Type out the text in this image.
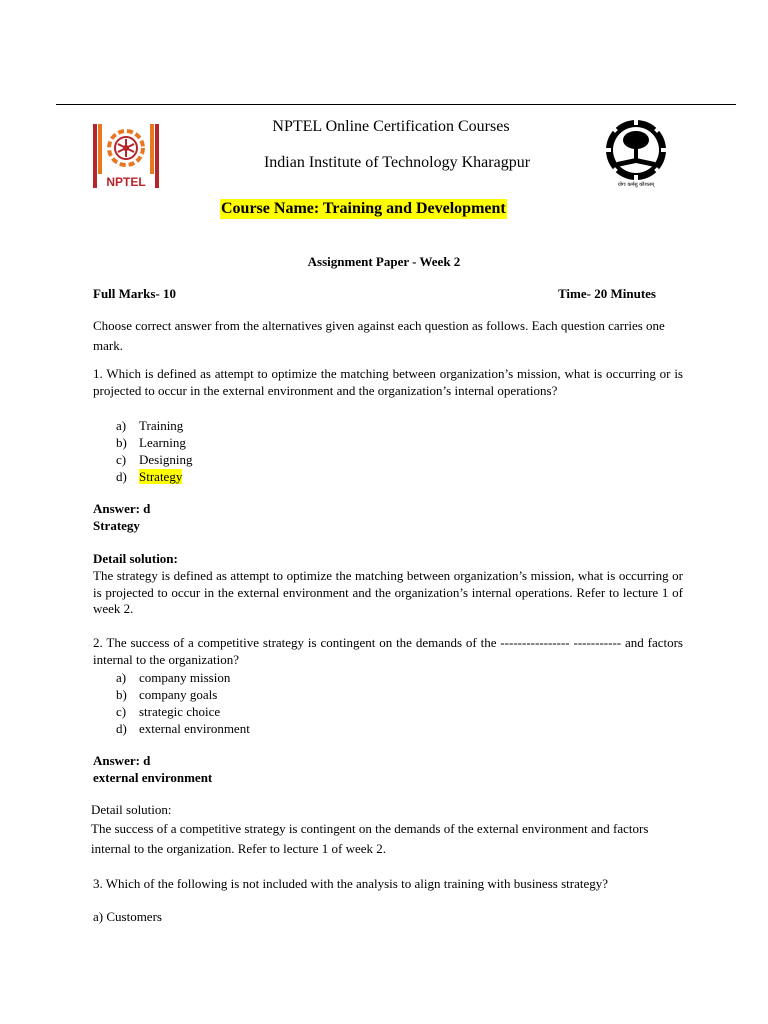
NPTEL
NPTEL Online Certification Courses
Indian Institute of Technology Kharagpur
योगः कर्मसु कौशलम्
Course Name: Training and Development
Assignment Paper - Week 2
Full Marks- 10	Time- 20 Minutes
Choose correct answer from the alternatives given against each question as follows. Each question carries one mark.
1. Which is defined as attempt to optimize the matching between organization’s mission, what is occurring or is projected to occur in the external environment and the organization’s internal operations?
a) Training
b) Learning
c) Designing
d) Strategy
Answer: d
Strategy
Detail solution:
The strategy is defined as attempt to optimize the matching between organization’s mission, what is occurring or is projected to occur in the external environment and the organization’s internal operations. Refer to lecture 1 of week 2.
2. The success of a competitive strategy is contingent on the demands of the ---------------- ----------- and factors internal to the organization?
a) company mission
b) company goals
c) strategic choice
d) external environment
Answer: d
external environment
Detail solution:
The success of a competitive strategy is contingent on the demands of the external environment and factors internal to the organization. Refer to lecture 1 of week 2.
3. Which of the following is not included with the analysis to align training with business strategy?
a) Customers
